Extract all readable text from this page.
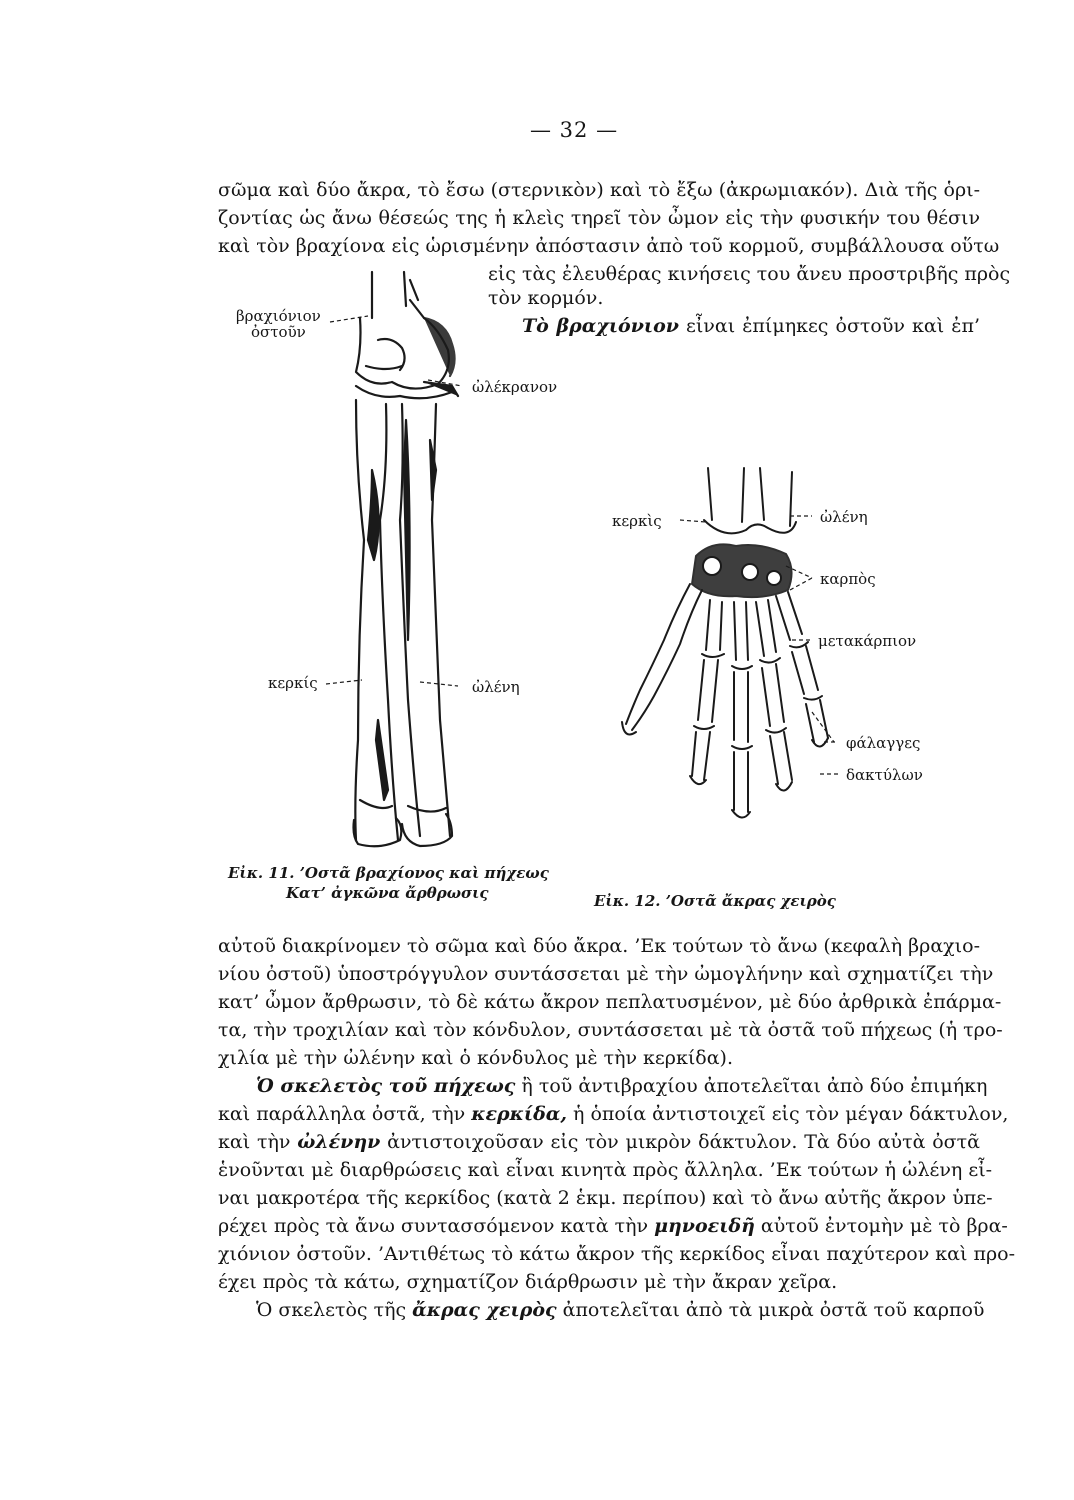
— 32 —
σῶμα καὶ δύο ἄκρα, τὸ ἔσω (στερνικὸν) καὶ τὸ ἔξω (ἀκρωμιακόν). Διὰ τῆς ὁρι-
ζοντίας ὡς ἄνω θέσεώς της ἡ κλεὶς τηρεῖ τὸν ὦμον εἰς τὴν φυσικήν του θέσιν
καὶ τὸν βραχίονα εἰς ὡρισμένην ἀπόστασιν ἀπὸ τοῦ κορμοῦ, συμβάλλουσα οὕτω
εἰς τὰς ἐλευθέρας κινήσεις του ἄνευ προστριβῆς πρὸς
τὸν κορμόν.
Τὸ βραχιόνιον εἶναι ἐπίμηκες ὀστοῦν καὶ ἐπ’
βραχιόνιον
ὀστοῦν
ὠλέκρανον
κερκίς	ὠλένη
Εἰκ. 11. ’Οστᾶ βραχίονος καὶ πήχεως
Κατ’ ἀγκῶνα ἄρθρωσις
κερκὶς	ὠλένη
καρπὸς
μετακάρπιον
φάλαγγες
δακτύλων
Εἰκ. 12. ’Οστᾶ ἄκρας χειρὸς
αὐτοῦ διακρίνομεν τὸ σῶμα καὶ δύο ἄκρα. ’Εκ τούτων τὸ ἄνω (κεφαλὴ βραχιο-
νίου ὀστοῦ) ὑποστρόγγυλον συντάσσεται μὲ τὴν ὠμογλήνην καὶ σχηματίζει τὴν
κατ’ ὦμον ἄρθρωσιν, τὸ δὲ κάτω ἄκρον πεπλατυσμένον, μὲ δύο ἀρθρικὰ ἐπάρμα-
τα, τὴν τροχιλίαν καὶ τὸν κόνδυλον, συντάσσεται μὲ τὰ ὀστᾶ τοῦ πήχεως (ἡ τρο-
χιλία μὲ τὴν ὠλένην καὶ ὁ κόνδυλος μὲ τὴν κερκίδα).
Ὁ σκελετὸς τοῦ πήχεως ἢ τοῦ ἀντιβραχίου ἀποτελεῖται ἀπὸ δύο ἐπιμήκη
καὶ παράλληλα ὀστᾶ, τὴν κερκίδα, ἡ ὁποία ἀντιστοιχεῖ εἰς τὸν μέγαν δάκτυλον,
καὶ τὴν ὠλένην ἀντιστοιχοῦσαν εἰς τὸν μικρὸν δάκτυλον. Τὰ δύο αὐτὰ ὀστᾶ
ἑνοῦνται μὲ διαρθρώσεις καὶ εἶναι κινητὰ πρὸς ἄλληλα. ’Εκ τούτων ἡ ὠλένη εἶ-
ναι μακροτέρα τῆς κερκίδος (κατὰ 2 ἑκμ. περίπου) καὶ τὸ ἄνω αὐτῆς ἄκρον ὑπε-
ρέχει πρὸς τὰ ἄνω συντασσόμενον κατὰ τὴν μηνοειδῆ αὐτοῦ ἐντομὴν μὲ τὸ βρα-
χιόνιον ὀστοῦν. ’Αντιθέτως τὸ κάτω ἄκρον τῆς κερκίδος εἶναι παχύτερον καὶ προ-
έχει πρὸς τὰ κάτω, σχηματίζον διάρθρωσιν μὲ τὴν ἄκραν χεῖρα.
Ὁ σκελετὸς τῆς ἄκρας χειρὸς ἀποτελεῖται ἀπὸ τὰ μικρὰ ὀστᾶ τοῦ καρποῦ
